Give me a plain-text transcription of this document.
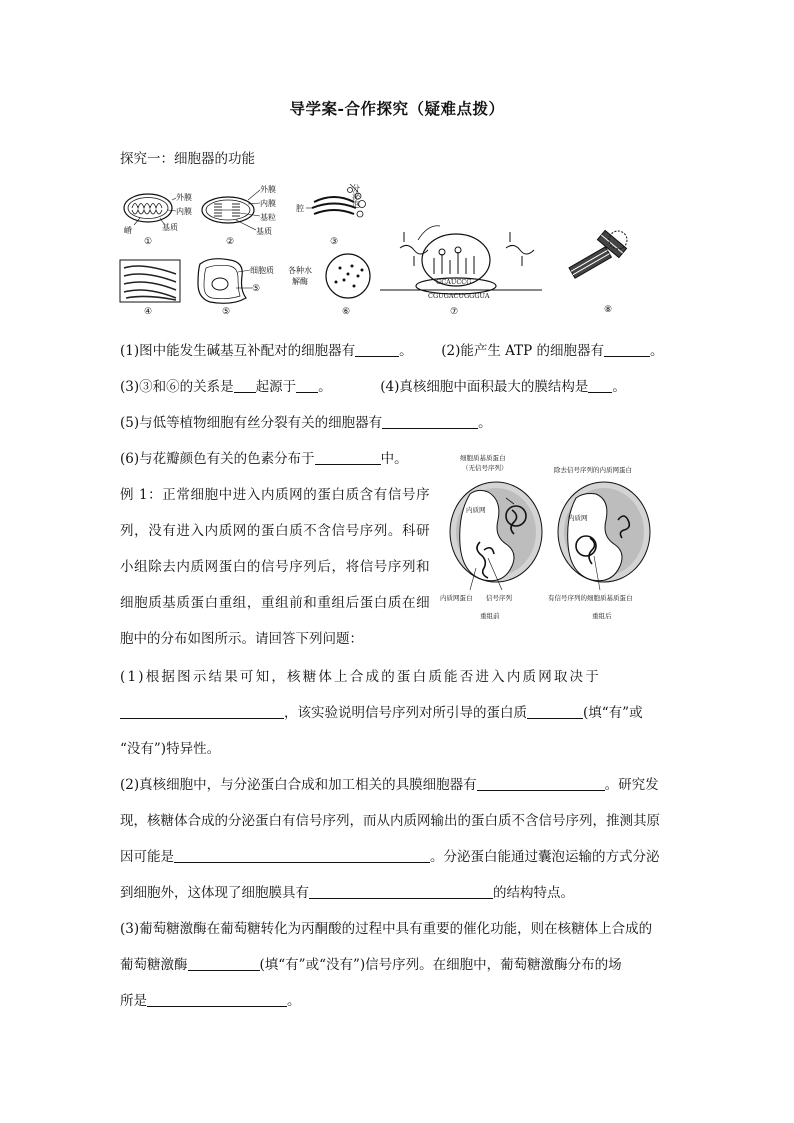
导学案-合作探究（疑难点拨）
探究一：细胞器的功能
外膜
内膜
基质
嵴
①
外膜
内膜
基粒
基质
②
腔
分泌泡
③
GCAUCCG
CGUGACUGGGUA
⑦	⑧
④
细胞质
⑤
⑤
各种水
解酶
⑥
(1)图中能发生碱基互补配对的细胞器有	。 (2)能产生 ATP 的细胞器有	。
(3)③和⑥的关系是 起源于 。	(4)真核细胞中面积最大的膜结构是 。
(5)与低等植物细胞有丝分裂有关的细胞器有	。
(6)与花瓣颜色有关的色素分布于	中。
例 1：正常细胞中进入内质网的蛋白质含有信号序
列，没有进入内质网的蛋白质不含信号序列。科研
小组除去内质网蛋白的信号序列后，将信号序列和
细胞质基质蛋白重组，重组前和重组后蛋白质在细
胞中的分布如图所示。请回答下列问题：
细胞质基质蛋白
（无信号序列）	除去信号序列的内质网蛋白
内质网
内质网蛋白 信号序列
重组前
内质网
有信号序列的细胞质基质蛋白
重组后
(1)根据图示结果可知，核糖体上合成的蛋白质能否进入内质网取决于
，该实验说明信号序列对所引导的蛋白质	(填“有”或
“没有”)特异性。
(2)真核细胞中，与分泌蛋白合成和加工相关的具膜细胞器有	。研究发
现，核糖体合成的分泌蛋白有信号序列，而从内质网输出的蛋白质不含信号序列，推测其原
因可能是	。分泌蛋白能通过囊泡运输的方式分泌
到细胞外，这体现了细胞膜具有	的结构特点。
(3)葡萄糖激酶在葡萄糖转化为丙酮酸的过程中具有重要的催化功能，则在核糖体上合成的
葡萄糖激酶	(填“有”或“没有”)信号序列。在细胞中，葡萄糖激酶分布的场
所是	。
